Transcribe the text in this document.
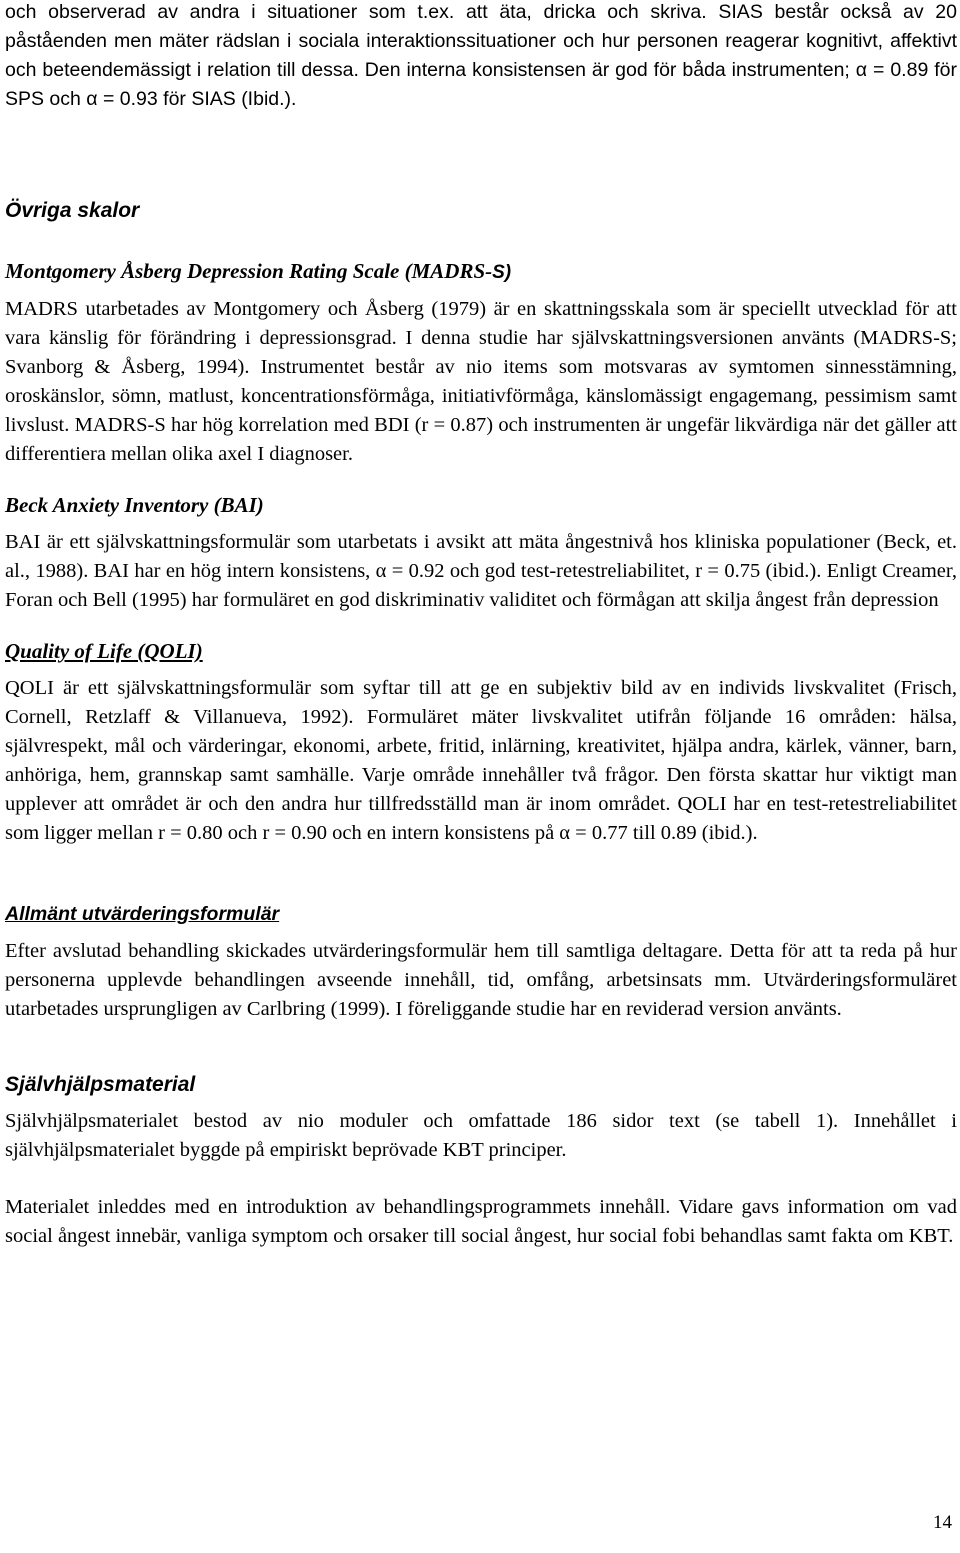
och observerad av andra i situationer som t.ex. att äta, dricka och skriva. SIAS består också av 20 påståenden men mäter rädslan i sociala interaktionssituationer och hur personen reagerar kognitivt, affektivt och beteendemässigt i relation till dessa. Den interna konsistensen är god för båda instrumenten; α = 0.89 för SPS och α = 0.93 för SIAS (Ibid.).

Övriga skalor
Montgomery Åsberg Depression Rating Scale (MADRS-S)

MADRS utarbetades av Montgomery och Åsberg (1979) är en skattningsskala som är speciellt utvecklad för att vara känslig för förändring i depressionsgrad. I denna studie har självskattningsversionen använts (MADRS-S; Svanborg & Åsberg, 1994). Instrumentet består av nio items som motsvaras av symtomen sinnesstämning, oroskänslor, sömn, matlust, koncentrationsförmåga, initiativförmåga, känslomässigt engagemang, pessimism samt livslust. MADRS-S har hög korrelation med BDI (r = 0.87) och instrumenten är ungefär likvärdiga när det gäller att differentiera mellan olika axel I diagnoser.

Beck Anxiety Inventory (BAI)

BAI är ett självskattningsformulär som utarbetats i avsikt att mäta ångestnivå hos kliniska populationer (Beck, et. al., 1988). BAI har en hög intern konsistens, α = 0.92 och god test-retestreliabilitet, r = 0.75 (ibid.). Enligt Creamer, Foran och Bell (1995) har formuläret en god diskriminativ validitet och förmågan att skilja ångest från depression

Quality of Life (QOLI)

QOLI är ett självskattningsformulär som syftar till att ge en subjektiv bild av en individs livskvalitet (Frisch, Cornell, Retzlaff & Villanueva, 1992). Formuläret mäter livskvalitet utifrån följande 16 områden: hälsa, självrespekt, mål och värderingar, ekonomi, arbete, fritid, inlärning, kreativitet, hjälpa andra, kärlek, vänner, barn, anhöriga, hem, grannskap samt samhälle. Varje område innehåller två frågor. Den första skattar hur viktigt man upplever att området är och den andra hur tillfredsställd man är inom området. QOLI har en test-retestreliabilitet som ligger mellan r = 0.80 och r = 0.90 och en intern konsistens på α = 0.77 till 0.89 (ibid.).

Allmänt utvärderingsformulär

Efter avslutad behandling skickades utvärderingsformulär hem till samtliga deltagare. Detta för att ta reda på hur personerna upplevde behandlingen avseende innehåll, tid, omfång, arbetsinsats mm. Utvärderingsformuläret utarbetades ursprungligen av Carlbring (1999). I föreliggande studie har en reviderad version använts.

Självhjälpsmaterial

Självhjälpsmaterialet bestod av nio moduler och omfattade 186 sidor text (se tabell 1). Innehållet i självhjälpsmaterialet byggde på empiriskt beprövade KBT principer.

Materialet inleddes med en introduktion av behandlingsprogrammets innehåll. Vidare gavs information om vad social ångest innebär, vanliga symptom och orsaker till social ångest, hur social fobi behandlas samt fakta om KBT.

14
